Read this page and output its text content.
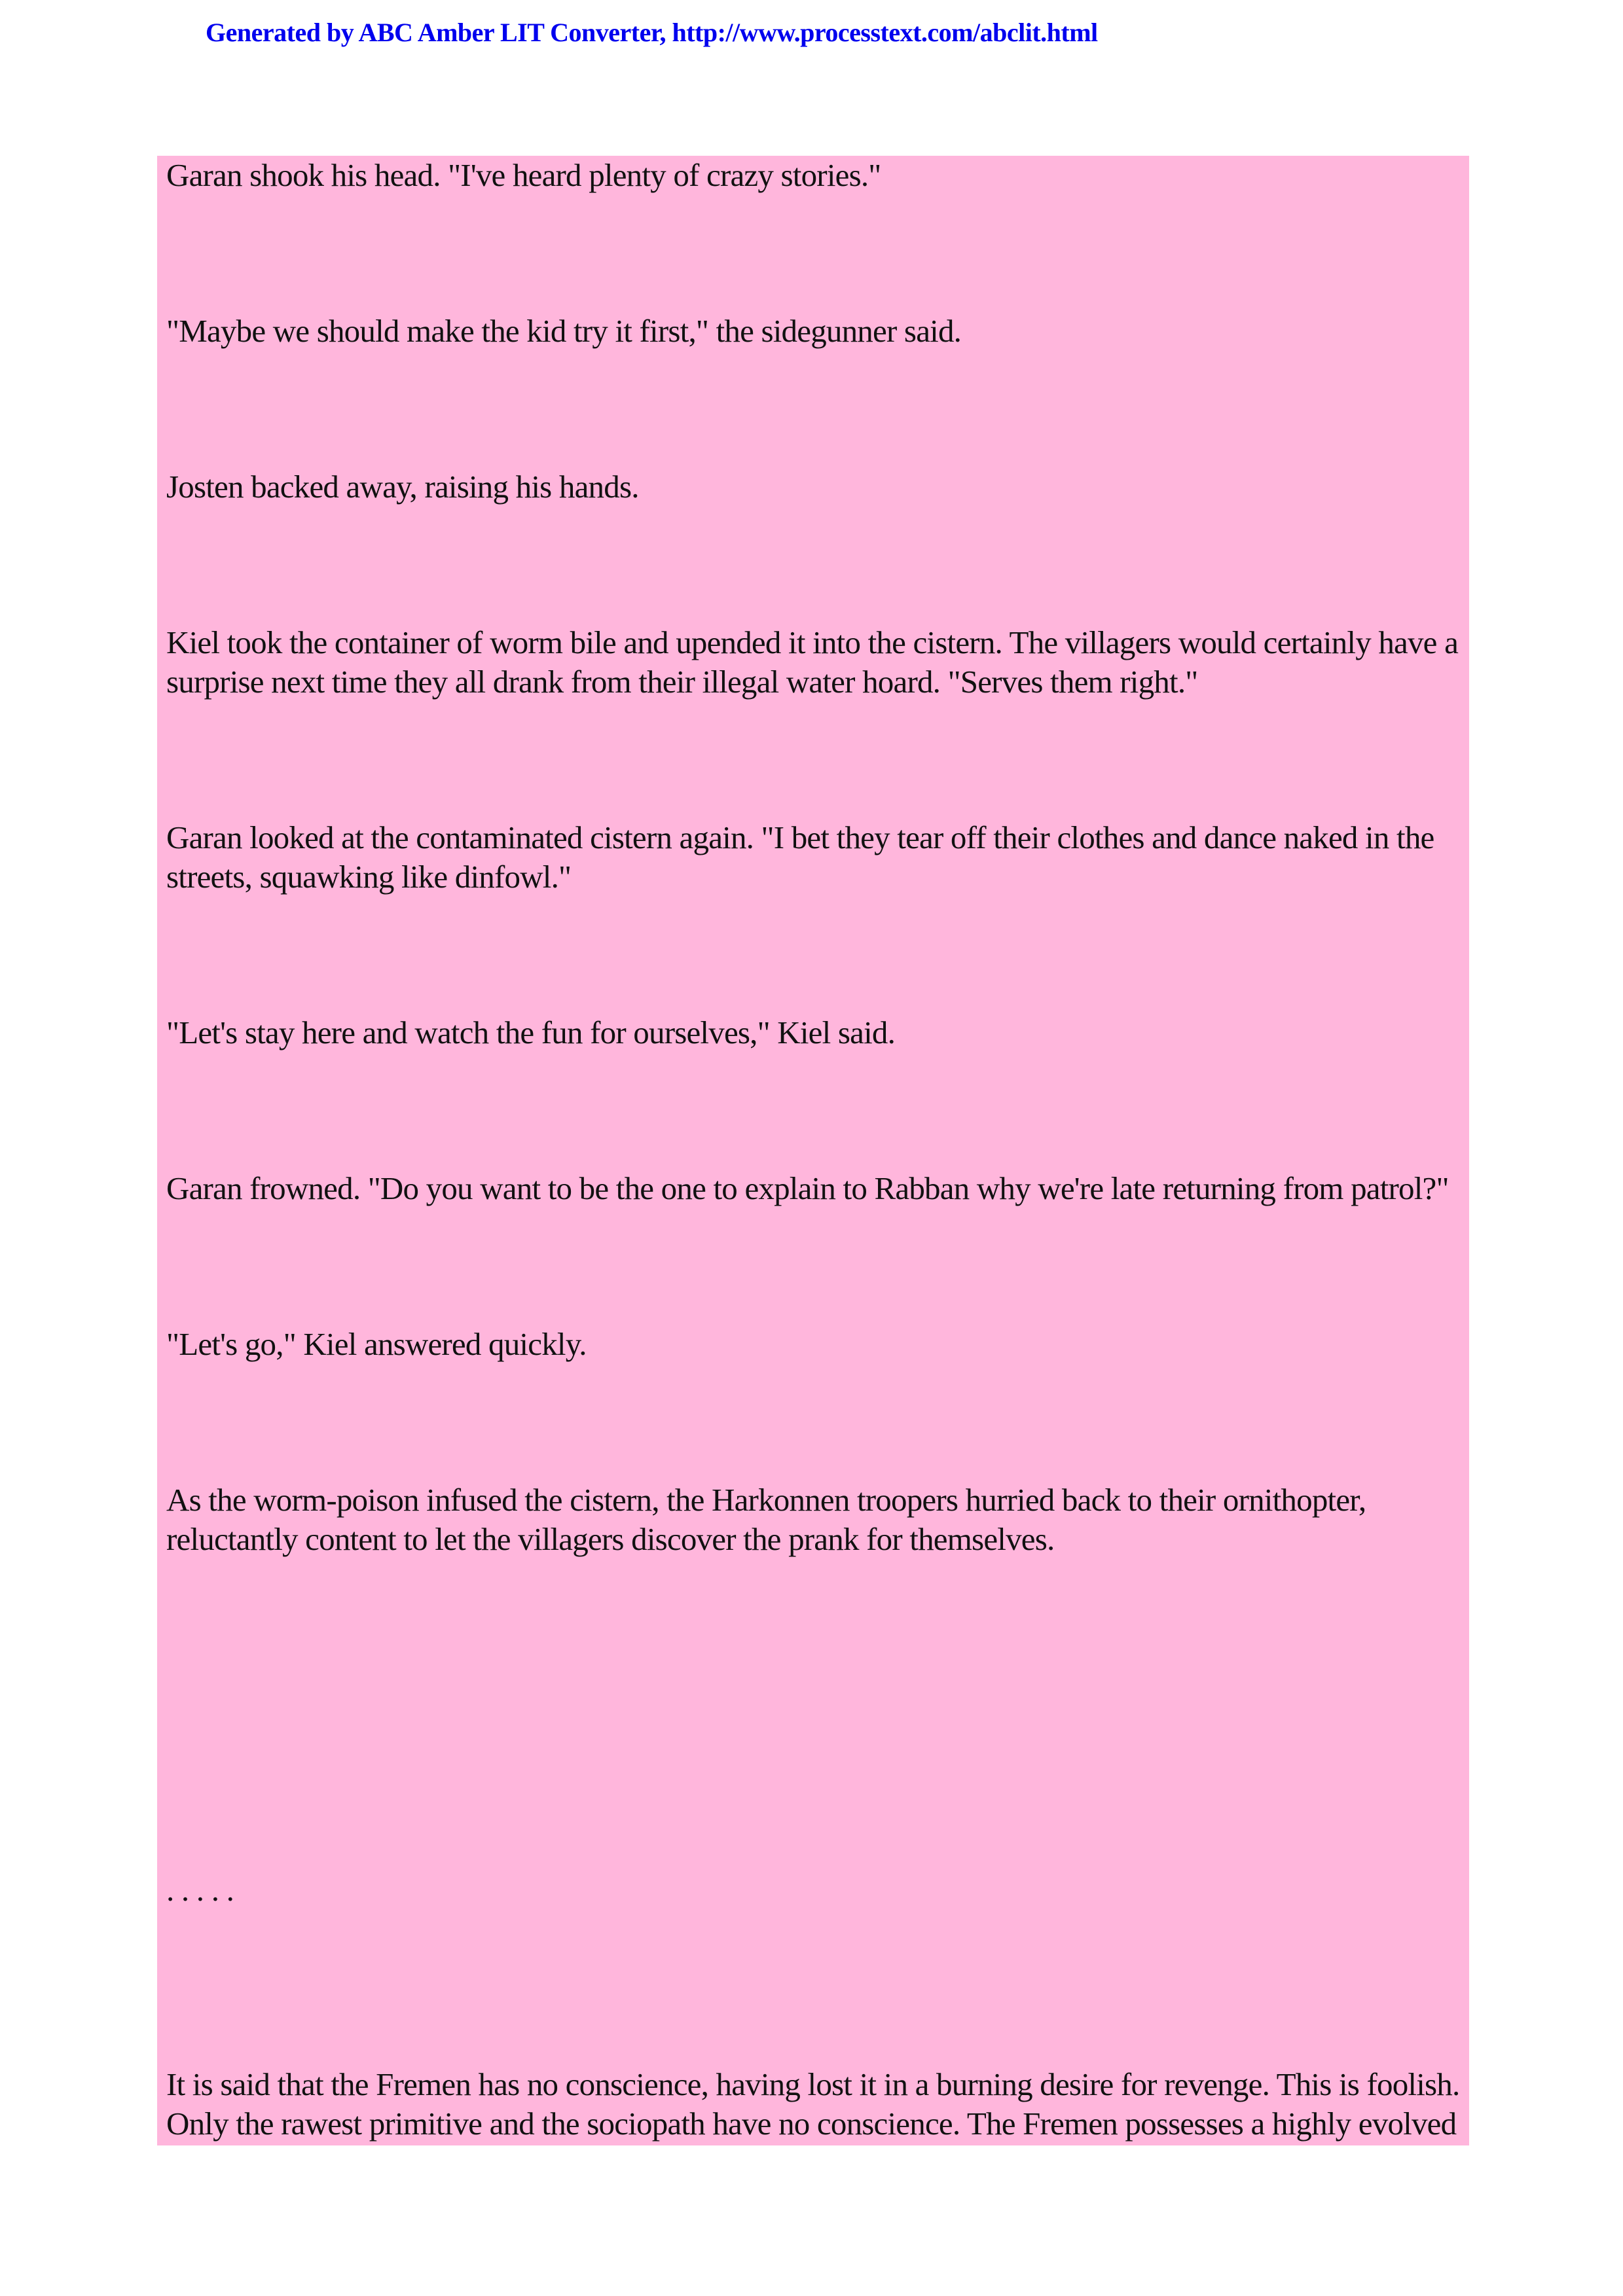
Generated by ABC Amber LIT Converter, http://www.processtext.com/abclit.html
Garan shook his head. "I've heard plenty of crazy stories."
"Maybe we should make the kid try it first," the sidegunner said.
Josten backed away, raising his hands.
Kiel took the container of worm bile and upended it into the cistern. The villagers would certainly have a
surprise next time they all drank from their illegal water hoard. "Serves them right."
Garan looked at the contaminated cistern again. "I bet they tear off their clothes and dance naked in the
streets, squawking like dinfowl."
"Let's stay here and watch the fun for ourselves," Kiel said.
Garan frowned. "Do you want to be the one to explain to Rabban why we're late returning from patrol?"
"Let's go," Kiel answered quickly.
As the worm-poison infused the cistern, the Harkonnen troopers hurried back to their ornithopter,
reluctantly content to let the villagers discover the prank for themselves.
. . . . .
It is said that the Fremen has no conscience, having lost it in a burning desire for revenge. This is foolish.
Only the rawest primitive and the sociopath have no conscience. The Fremen possesses a highly evolved
